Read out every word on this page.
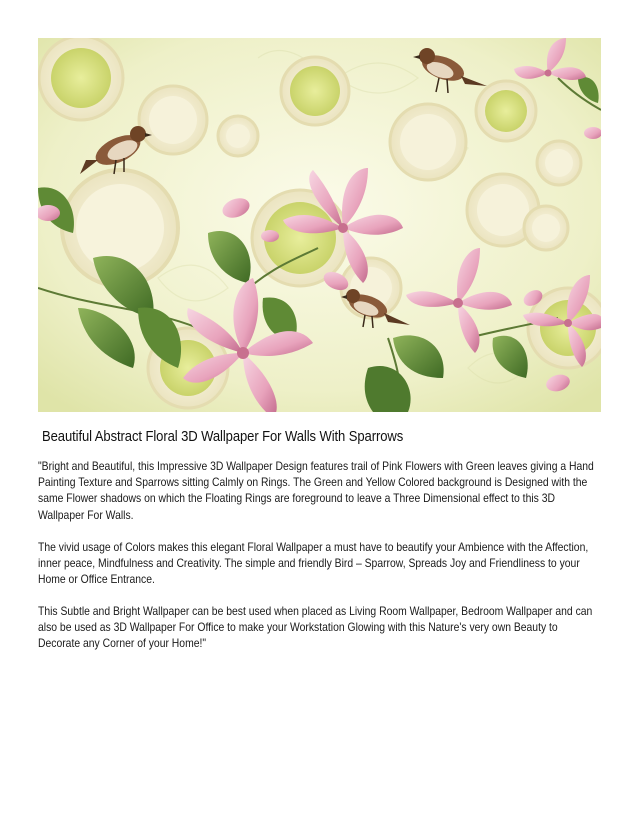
Beautiful Abstract Floral 3D Wallpaper For Walls With Sparrows

"Bright and Beautiful, this Impressive 3D Wallpaper Design features trail of Pink Flowers with Green leaves giving a Hand Painting Texture and Sparrows sitting Calmly on Rings. The Green and Yellow Colored background is Designed with the same Flower shadows on which the Floating Rings are foreground to leave a Three Dimensional effect to this 3D Wallpaper For Walls.

The vivid usage of Colors makes this elegant Floral Wallpaper a must have to beautify your Ambience with the Affection, inner peace, Mindfulness and Creativity. The simple and friendly Bird – Sparrow, Spreads Joy and Friendliness to your Home or Office Entrance.

This Subtle and Bright Wallpaper can be best used when placed as Living Room Wallpaper, Bedroom Wallpaper and can also be used as 3D Wallpaper For Office to make your Workstation Glowing with this Nature's very own Beauty to Decorate any Corner of your Home!"
